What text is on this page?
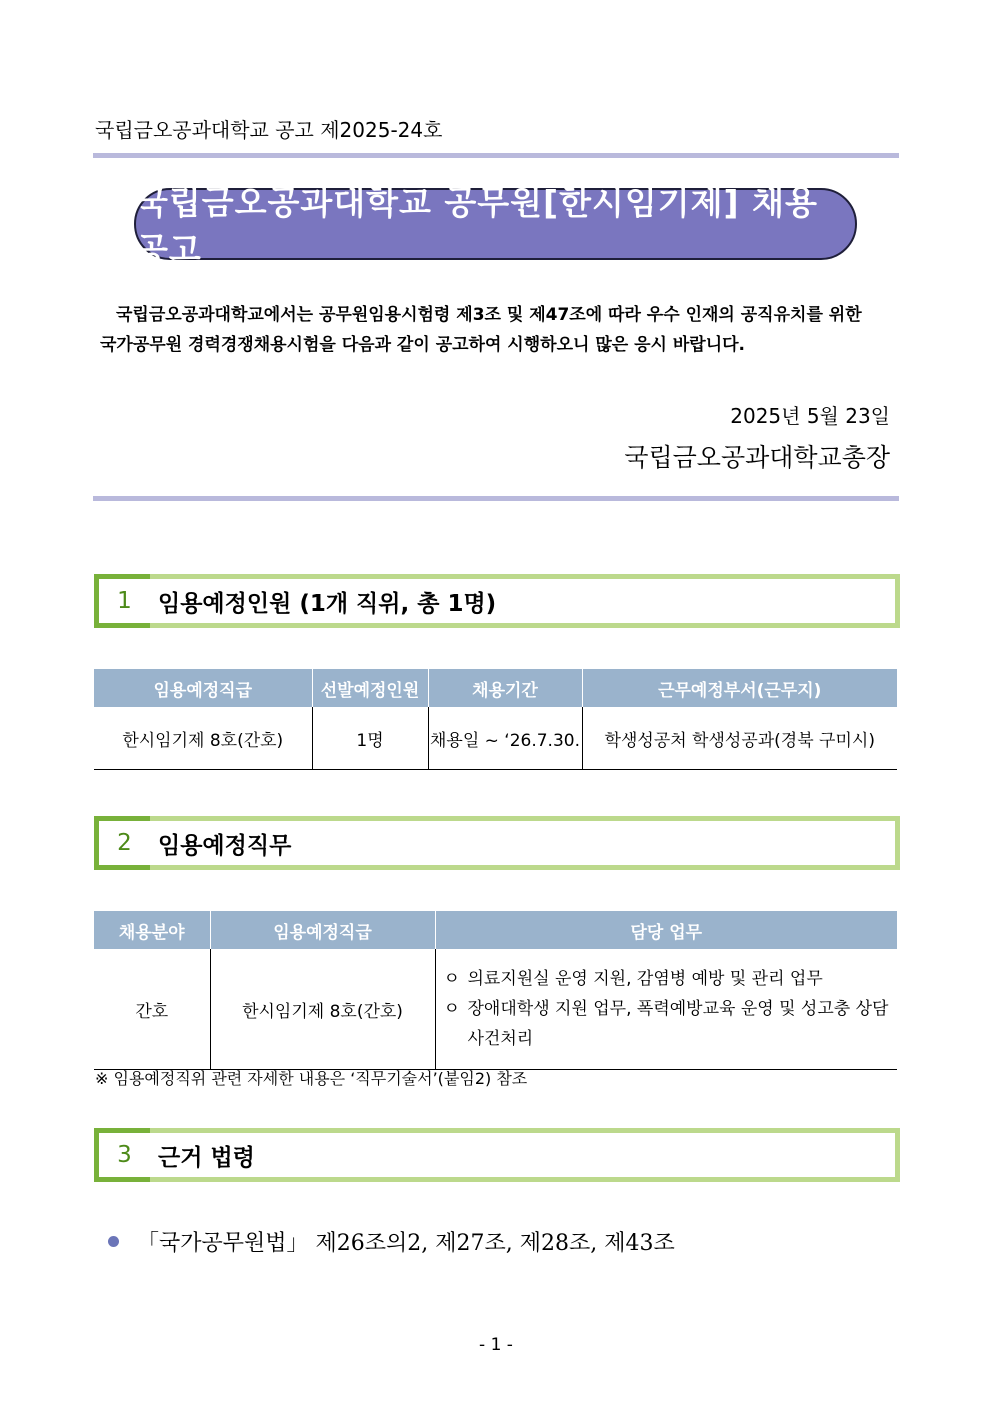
국립금오공과대학교 공고 제2025-24호
국립금오공과대학교 공무원[한시임기제] 채용 공고
국립금오공과대학교에서는 공무원임용시험령 제3조 및 제47조에 따라 우수 인재의 공직유치를 위한
국가공무원 경력경쟁채용시험을 다음과 같이 공고하여 시행하오니 많은 응시 바랍니다.
2025년 5월 23일
국립금오공과대학교총장
1	임용예정인원 (1개 직위, 총 1명)
임용예정직급	선발예정인원	채용기간	근무예정부서(근무지)
한시임기제 8호(간호)	1명	채용일 ~ ‘26.7.30.	학생성공처 학생성공과(경북 구미시)
2	임용예정직무
채용분야	임용예정직급	담당 업무
간호	한시임기제 8호(간호)	ㅇ 의료지원실 운영 지원, 감염병 예방 및 관리 업무
ㅇ 장애대학생 지원 업무, 폭력예방교육 운영 및 성고충 상담 사건처리
※ 임용예정직위 관련 자세한 내용은 ‘직무기술서’(붙임2) 참조
3	근거 법령
「국가공무원법」 제26조의2, 제27조, 제28조, 제43조
- 1 -
